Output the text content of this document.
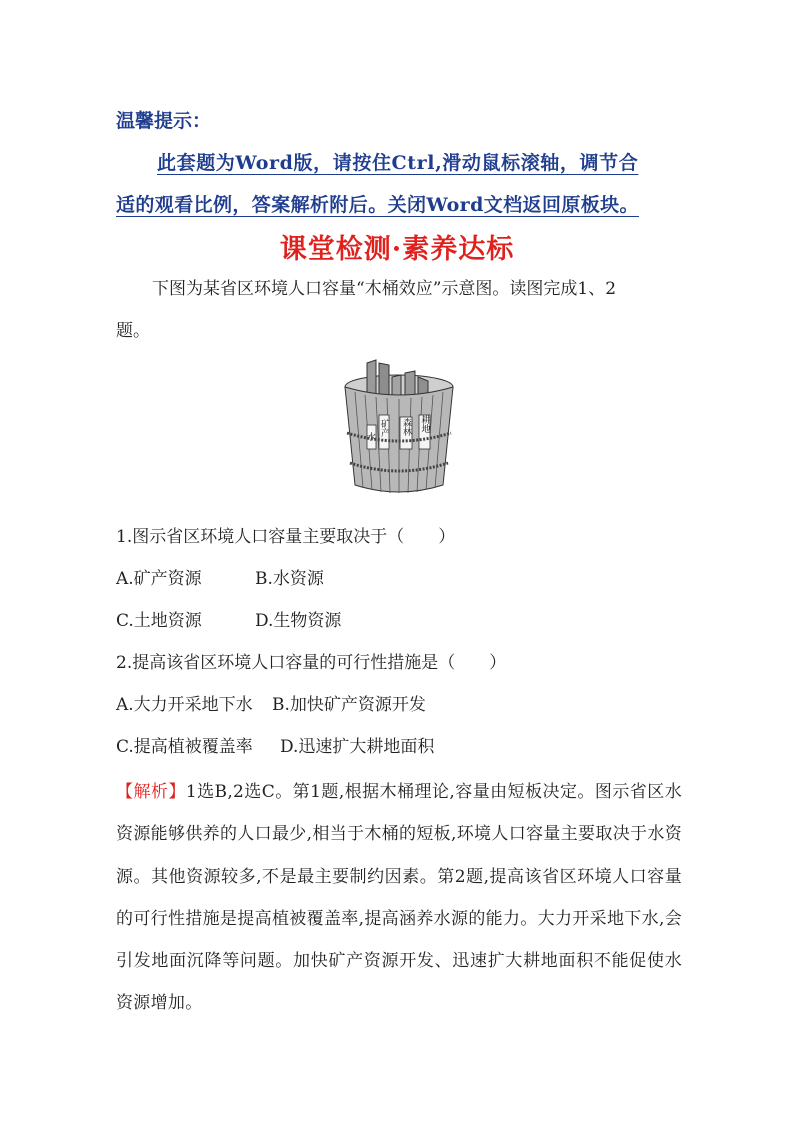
温馨提示：
此套题为Word版，请按住Ctrl,滑动鼠标滚轴，调节合
适的观看比例，答案解析附后。关闭Word文档返回原板块。
课堂检测·素养达标
下图为某省区环境人口容量“木桶效应”示意图。读图完成1、2
题。
水
矿产 森林 耕地
1.图示省区环境人口容量主要取决于（　　）
A.矿产资源	B.水资源
C.土地资源	D.生物资源
2.提高该省区环境人口容量的可行性措施是（　　）
A.大力开采地下水 B.加快矿产资源开发
C.提高植被覆盖率 D.迅速扩大耕地面积
【解析】1选B,2选C。第1题,根据木桶理论,容量由短板决定。图示省区水资源能够供养的人口最少,相当于木桶的短板,环境人口容量主要取决于水资源。其他资源较多,不是最主要制约因素。第2题,提高该省区环境人口容量的可行性措施是提高植被覆盖率,提高涵养水源的能力。大力开采地下水,会引发地面沉降等问题。加快矿产资源开发、迅速扩大耕地面积不能促使水资源增加。
